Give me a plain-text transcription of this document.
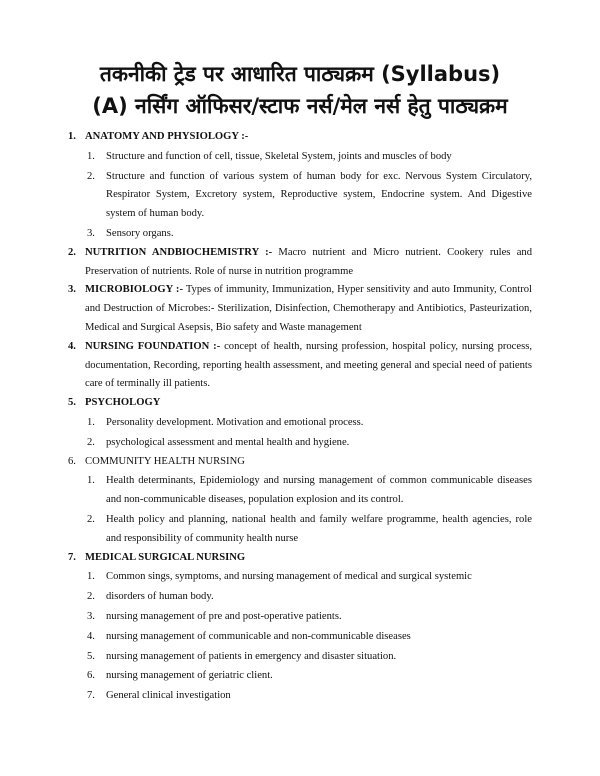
तकनीकी ट्रेड पर आधारित पाठ्यक्रम (Syllabus)
(A) नर्सिंग ऑफिसर/स्टाफ नर्स/मेल नर्स हेतु पाठ्यक्रम
1. ANATOMY AND PHYSIOLOGY :-
1. Structure and function of cell, tissue, Skeletal System, joints and muscles of body
2. Structure and function of various system of human body for exc. Nervous System Circulatory, Respirator System, Excretory system, Reproductive system, Endocrine system. And Digestive system of human body.
3. Sensory organs.
2. NUTRITION ANDBIOCHEMISTRY :- Macro nutrient and Micro nutrient. Cookery rules and Preservation of nutrients. Role of nurse in nutrition programme
3. MICROBIOLOGY :- Types of immunity, Immunization, Hyper sensitivity and auto Immunity, Control and Destruction of Microbes:- Sterilization, Disinfection, Chemotherapy and Antibiotics, Pasteurization, Medical and Surgical Asepsis, Bio safety and Waste management
4. NURSING FOUNDATION :- concept of health, nursing profession, hospital policy, nursing process, documentation, Recording, reporting health assessment, and meeting general and special need of patients care of terminally ill patients.
5. PSYCHOLOGY
1. Personality development. Motivation and emotional process.
2. psychological assessment and mental health and hygiene.
6. COMMUNITY HEALTH NURSING
1. Health determinants, Epidemiology and nursing management of common communicable diseases and non-communicable diseases, population explosion and its control.
2. Health policy and planning, national health and family welfare programme, health agencies, role and responsibility of community health nurse
7. MEDICAL SURGICAL NURSING
1. Common sings, symptoms, and nursing management of medical and surgical systemic
2. disorders of human body.
3. nursing management of pre and post-operative patients.
4. nursing management of communicable and non-communicable diseases
5. nursing management of patients in emergency and disaster situation.
6. nursing management of geriatric client.
7. General clinical investigation
